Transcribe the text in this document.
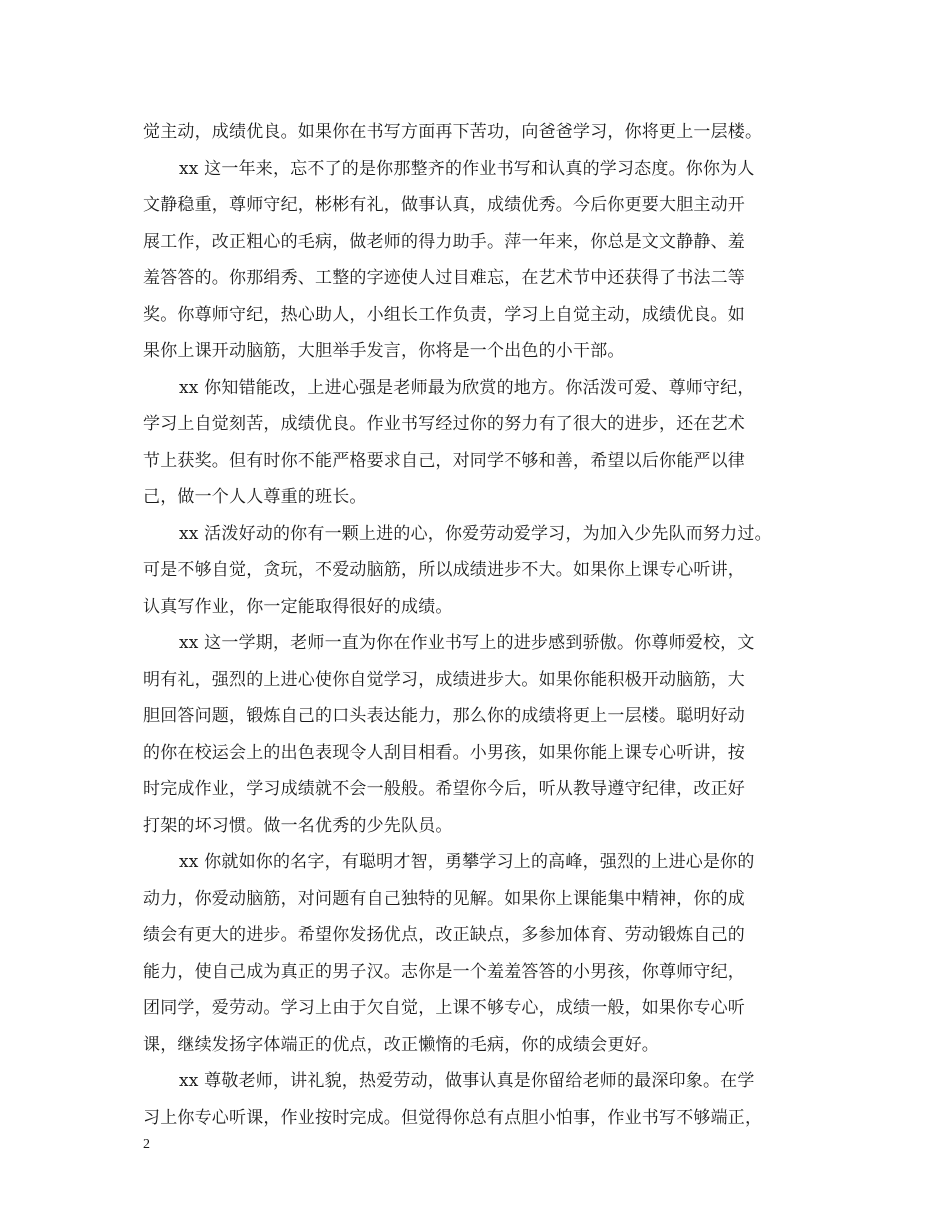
觉主动，成绩优良。如果你在书写方面再下苦功，向爸爸学习，你将更上一层楼。
xx 这一年来，忘不了的是你那整齐的作业书写和认真的学习态度。你你为人
文静稳重，尊师守纪，彬彬有礼，做事认真，成绩优秀。今后你更要大胆主动开
展工作，改正粗心的毛病，做老师的得力助手。萍一年来，你总是文文静静、羞
羞答答的。你那绢秀、工整的字迹使人过目难忘，在艺术节中还获得了书法二等
奖。你尊师守纪，热心助人，小组长工作负责，学习上自觉主动，成绩优良。如
果你上课开动脑筋，大胆举手发言，你将是一个出色的小干部。
xx 你知错能改，上进心强是老师最为欣赏的地方。你活泼可爱、尊师守纪，
学习上自觉刻苦，成绩优良。作业书写经过你的努力有了很大的进步，还在艺术
节上获奖。但有时你不能严格要求自己，对同学不够和善，希望以后你能严以律
己，做一个人人尊重的班长。
xx 活泼好动的你有一颗上进的心，你爱劳动爱学习，为加入少先队而努力过。
可是不够自觉，贪玩，不爱动脑筋，所以成绩进步不大。如果你上课专心听讲，
认真写作业，你一定能取得很好的成绩。
xx 这一学期，老师一直为你在作业书写上的进步感到骄傲。你尊师爱校，文
明有礼，强烈的上进心使你自觉学习，成绩进步大。如果你能积极开动脑筋，大
胆回答问题，锻炼自己的口头表达能力，那么你的成绩将更上一层楼。聪明好动
的你在校运会上的出色表现令人刮目相看。小男孩，如果你能上课专心听讲，按
时完成作业，学习成绩就不会一般般。希望你今后，听从教导遵守纪律，改正好
打架的坏习惯。做一名优秀的少先队员。
xx 你就如你的名字，有聪明才智，勇攀学习上的高峰，强烈的上进心是你的
动力，你爱动脑筋，对问题有自己独特的见解。如果你上课能集中精神，你的成
绩会有更大的进步。希望你发扬优点，改正缺点，多参加体育、劳动锻炼自己的
能力，使自己成为真正的男子汉。志你是一个羞羞答答的小男孩，你尊师守纪，
团同学，爱劳动。学习上由于欠自觉，上课不够专心，成绩一般，如果你专心听
课，继续发扬字体端正的优点，改正懒惰的毛病，你的成绩会更好。
xx 尊敬老师，讲礼貌，热爱劳动，做事认真是你留给老师的最深印象。在学
习上你专心听课，作业按时完成。但觉得你总有点胆小怕事，作业书写不够端正，
2
